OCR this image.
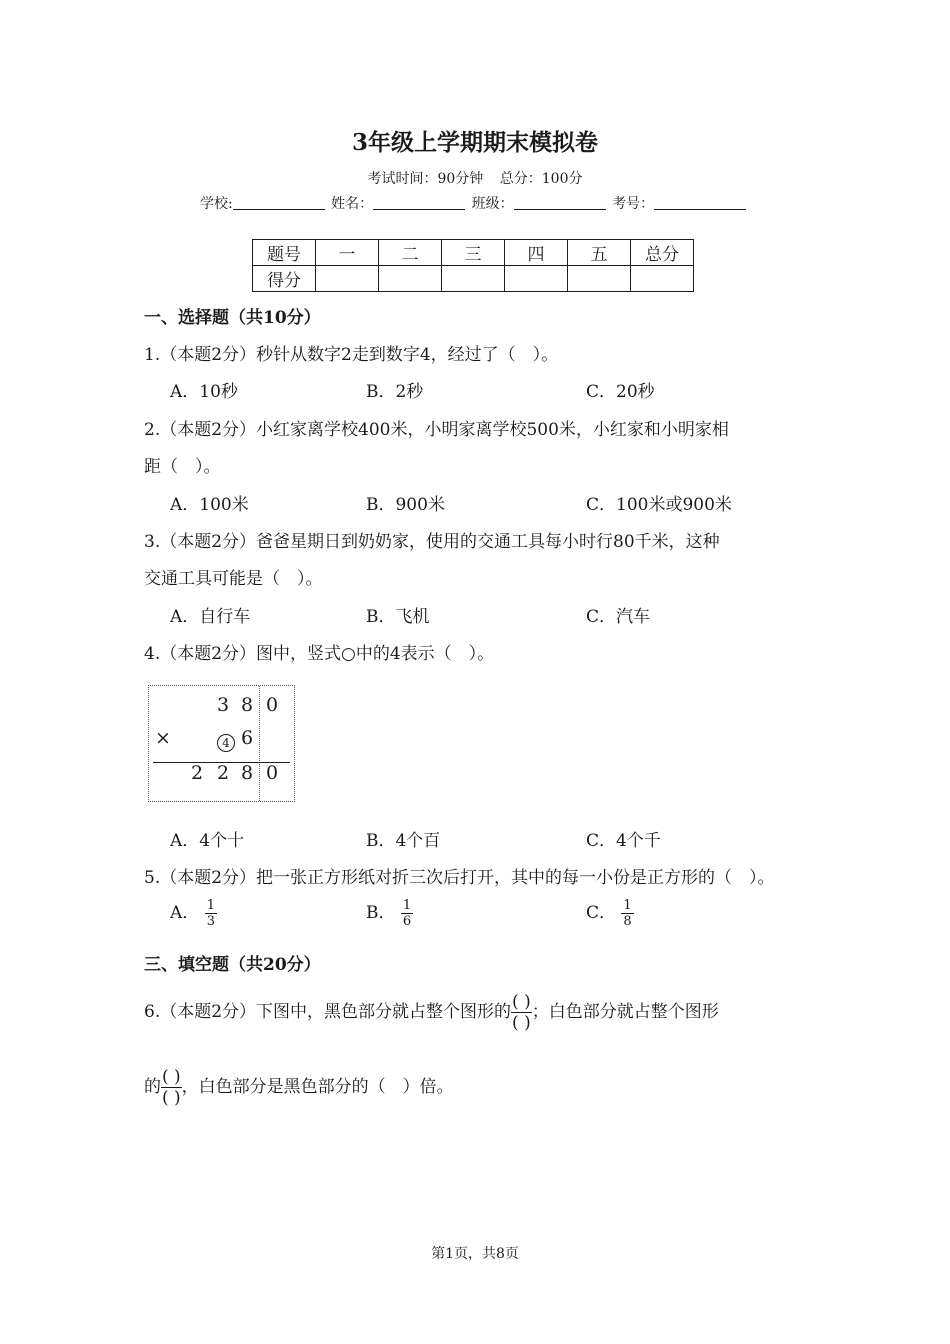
3年级上学期期末模拟卷
考试时间：90分钟 总分：100分
学校:	姓名：	班级：	考号：
题号	一	二	三	四	五	总分
得分						
一、选择题（共10分）
1.（本题2分）秒针从数字2走到数字4，经过了（　）。
A．10秒	B．2秒	C．20秒
2.（本题2分）小红家离学校400米，小明家离学校500米，小红家和小明家相
距（　）。
A．100米	B．900米	C．100米或900米
3.（本题2分）爸爸星期日到奶奶家，使用的交通工具每小时行80千米，这种
交通工具可能是（　）。
A．自行车	B．飞机	C．汽车
4.（本题2分）图中，竖式○中的4表示（　）。
3 8 0
×	4 6
2 2 8 0
A．4个十	B．4个百	C．4个千
5.（本题2分）把一张正方形纸对折三次后打开，其中的每一小份是正方形的（　）。
A． $\frac{1}{3}$	B． $\frac{1}{6}$	C． $\frac{1}{8}$
三、填空题（共20分）
6.（本题2分）下图中，黑色部分就占整个图形的 ( )
( )
；白色部分就占整个图形
的 ( )
( )
，白色部分是黑色部分的（　）倍。
第1页，共8页
